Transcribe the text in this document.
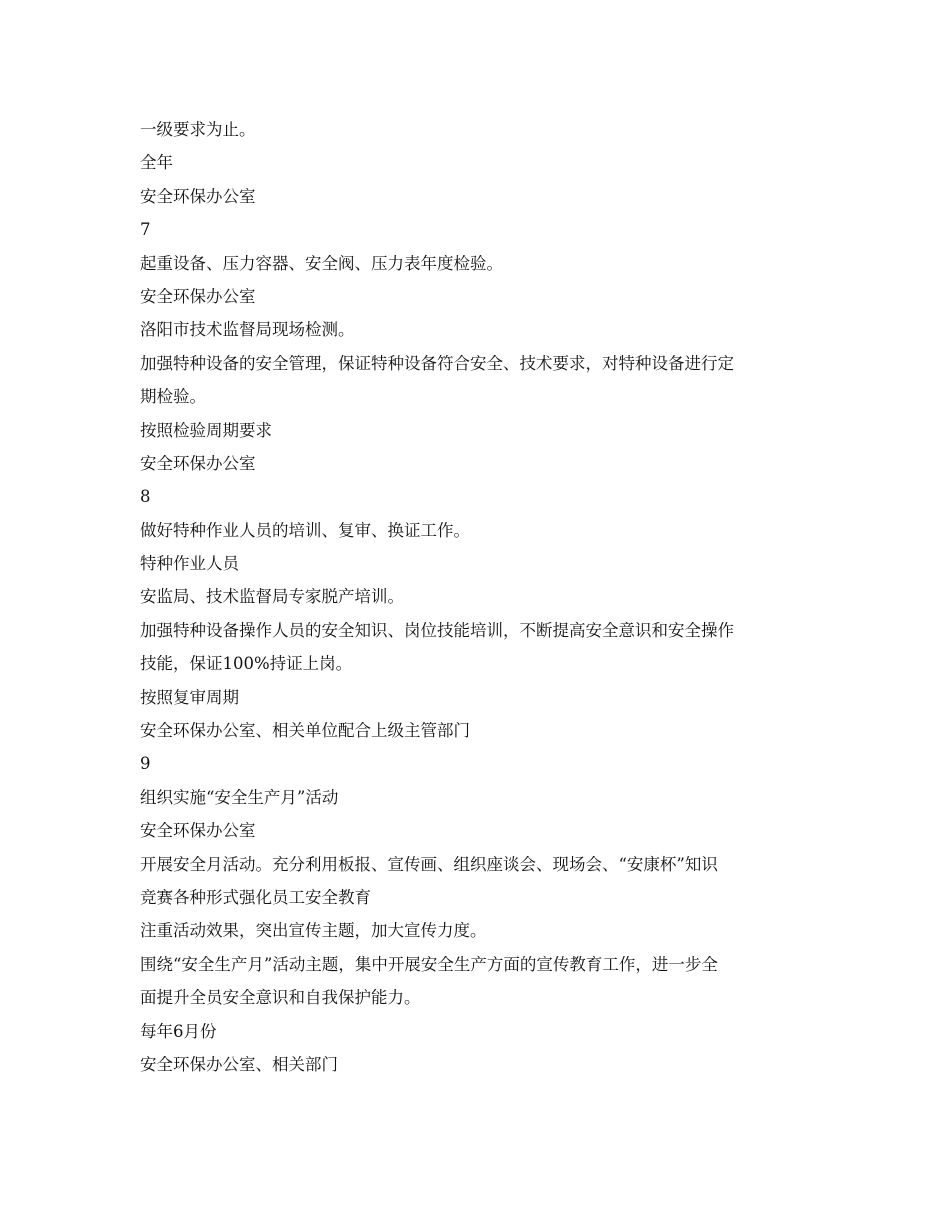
一级要求为止。
全年
安全环保办公室
7
起重设备、压力容器、安全阀、压力表年度检验。
安全环保办公室
洛阳市技术监督局现场检测。
加强特种设备的安全管理，保证特种设备符合安全、技术要求，对特种设备进行定
期检验。
按照检验周期要求
安全环保办公室
8
做好特种作业人员的培训、复审、换证工作。
特种作业人员
安监局、技术监督局专家脱产培训。
加强特种设备操作人员的安全知识、岗位技能培训，不断提高安全意识和安全操作
技能，保证100%持证上岗。
按照复审周期
安全环保办公室、相关单位配合上级主管部门
9
组织实施“安全生产月”活动
安全环保办公室
开展安全月活动。充分利用板报、宣传画、组织座谈会、现场会、“安康杯”知识
竞赛各种形式强化员工安全教育
注重活动效果，突出宣传主题，加大宣传力度。
围绕“安全生产月”活动主题，集中开展安全生产方面的宣传教育工作，进一步全
面提升全员安全意识和自我保护能力。
每年6月份
安全环保办公室、相关部门
